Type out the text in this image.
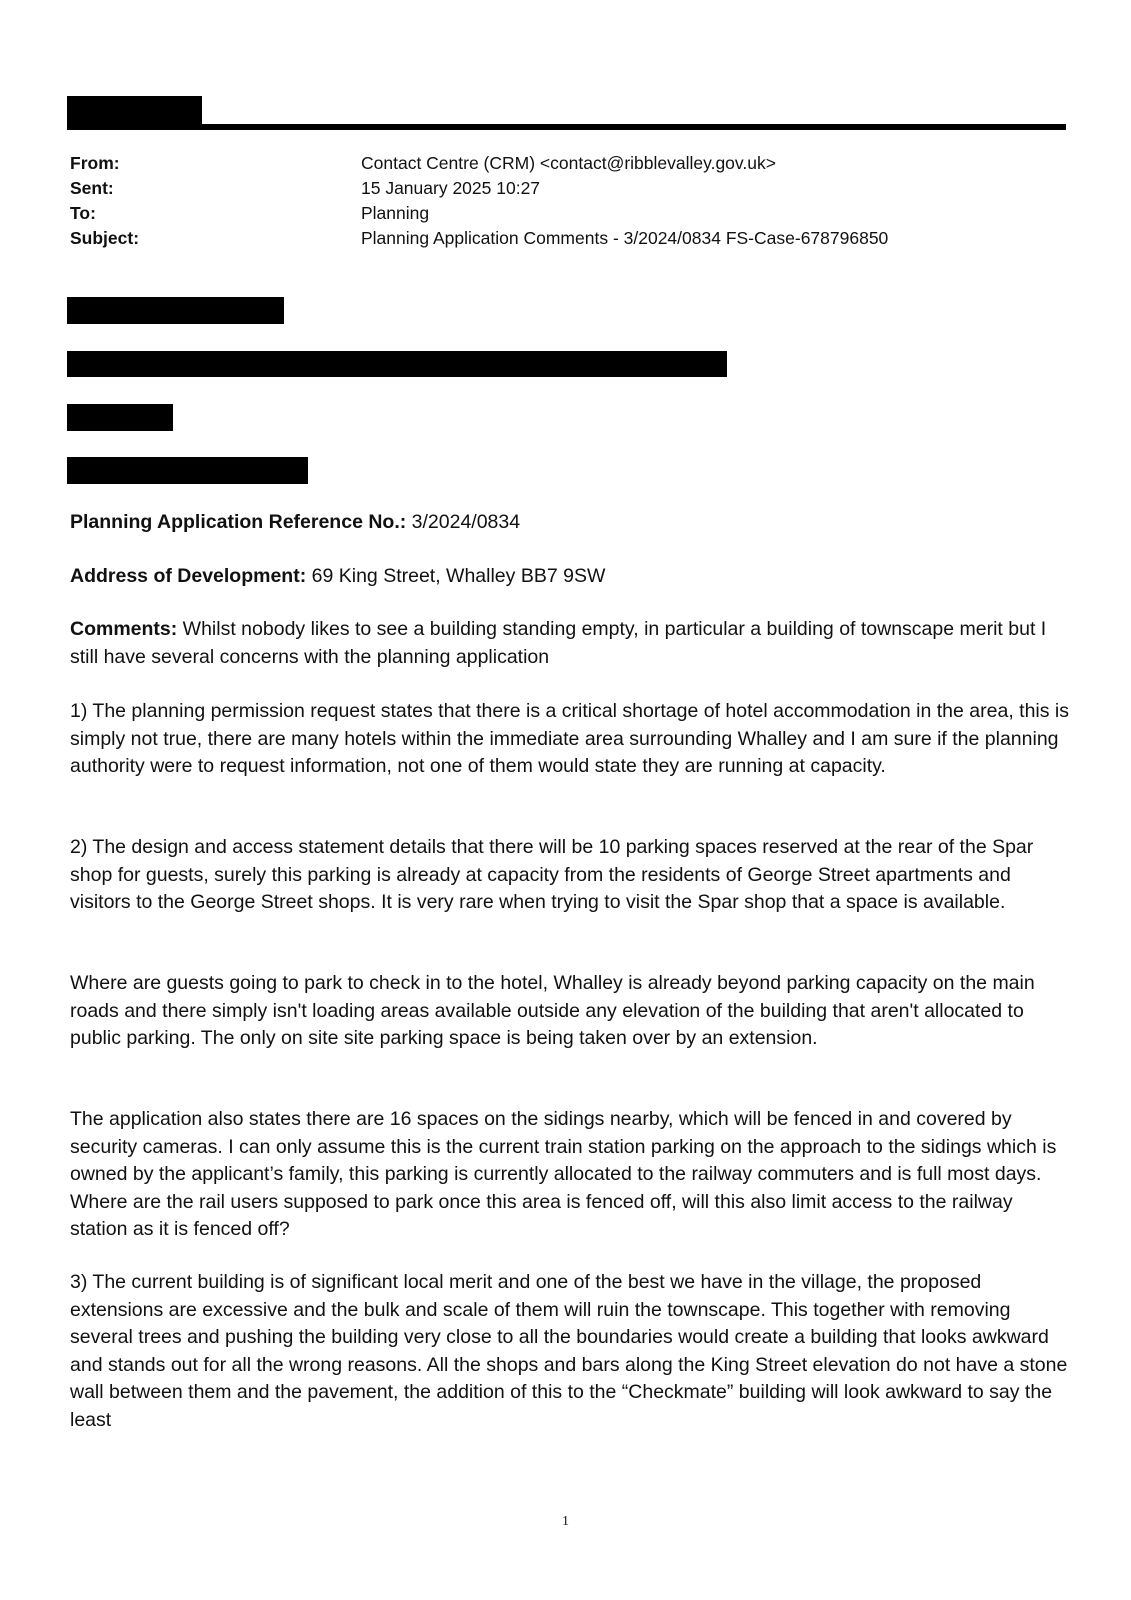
From:	Contact Centre (CRM) <contact@ribblevalley.gov.uk>
Sent:	15 January 2025 10:27
To:	Planning
Subject:	Planning Application Comments - 3/2024/0834 FS-Case-678796850
Planning Application Reference No.: 3/2024/0834
Address of Development: 69 King Street, Whalley BB7 9SW
Comments: Whilst nobody likes to see a building standing empty, in particular a building of townscape merit but I still have several concerns with the planning application
1) The planning permission request states that there is a critical shortage of hotel accommodation in the area, this is simply not true, there are many hotels within the immediate area surrounding Whalley and I am sure if the planning authority were to request information, not one of them would state they are running at capacity.
2) The design and access statement details that there will be 10 parking spaces reserved at the rear of the Spar shop for guests, surely this parking is already at capacity from the residents of George Street apartments and visitors to the George Street shops. It is very rare when trying to visit the Spar shop that a space is available.
Where are guests going to park to check in to the hotel, Whalley is already beyond parking capacity on the main roads and there simply isn't loading areas available outside any elevation of the building that aren't allocated to public parking. The only on site site parking space is being taken over by an extension.
The application also states there are 16 spaces on the sidings nearby, which will be fenced in and covered by security cameras. I can only assume this is the current train station parking on the approach to the sidings which is owned by the applicant’s family, this parking is currently allocated to the railway commuters and is full most days. Where are the rail users supposed to park once this area is fenced off, will this also limit access to the railway station as it is fenced off?
3) The current building is of significant local merit and one of the best we have in the village, the proposed extensions are excessive and the bulk and scale of them will ruin the townscape. This together with removing several trees and pushing the building very close to all the boundaries would create a building that looks awkward and stands out for all the wrong reasons. All the shops and bars along the King Street elevation do not have a stone wall between them and the pavement, the addition of this to the “Checkmate” building will look awkward to say the least
1
